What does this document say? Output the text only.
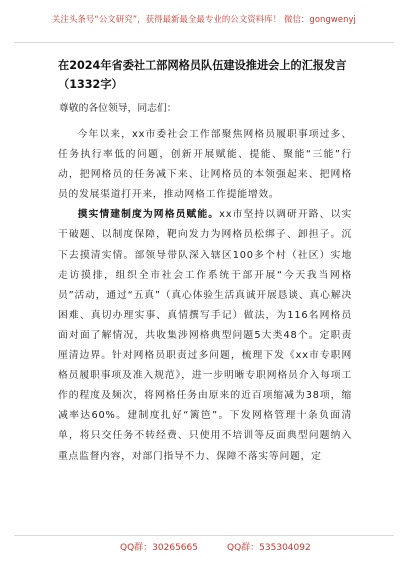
关注头条号“公文研究”，获得最新最全最专业的公文资料库！ 微信：gongwenyj
在2024年省委社工部网格员队伍建设推进会上的汇报发言（1332字）
尊敬的各位领导，同志们：

今年以来，xx市委社会工作部聚焦网格员履职事项过多、任务执行率低的问题，创新开展赋能、提能、聚能“三能”行动，把网格员的任务减下来、让网格员的本领强起来、把网格员的发展渠道打开来，推动网格工作提能增效。

摸实情建制度为网格员赋能。xx市坚持以调研开路、以实干破题、以制度保障，靶向发力为网格员松绑子、卸担子。沉下去摸清实情。部领导带队深入辖区100多个村（社区）实地走访摸排，组织全市社会工作系统干部开展“今天我当网格员”活动，通过“五真”（真心体验生活真诚开展恳谈、真心解决困难、真切办理实事、真情撰写手记）做法，为116名网格员面对面了解情况，共收集涉网格典型问题5大类48个。定职责厘清边界。针对网格员职责过多问题，梳理下发《xx市专职网格员履职事项及准入规范》，进一步明晰专职网格员介入每项工作的程度及频次，将网格任务由原来的近百项缩减为38项，缩减率达60%。建制度扎好“篱笆”。下发网格管理十条负面清单，将只交任务不转经费、只使用不培训等反面典型问题纳入重点监督内容，对部门指导不力、保障不落实等问题，定

QQ群：30265665	QQ群：535304092
